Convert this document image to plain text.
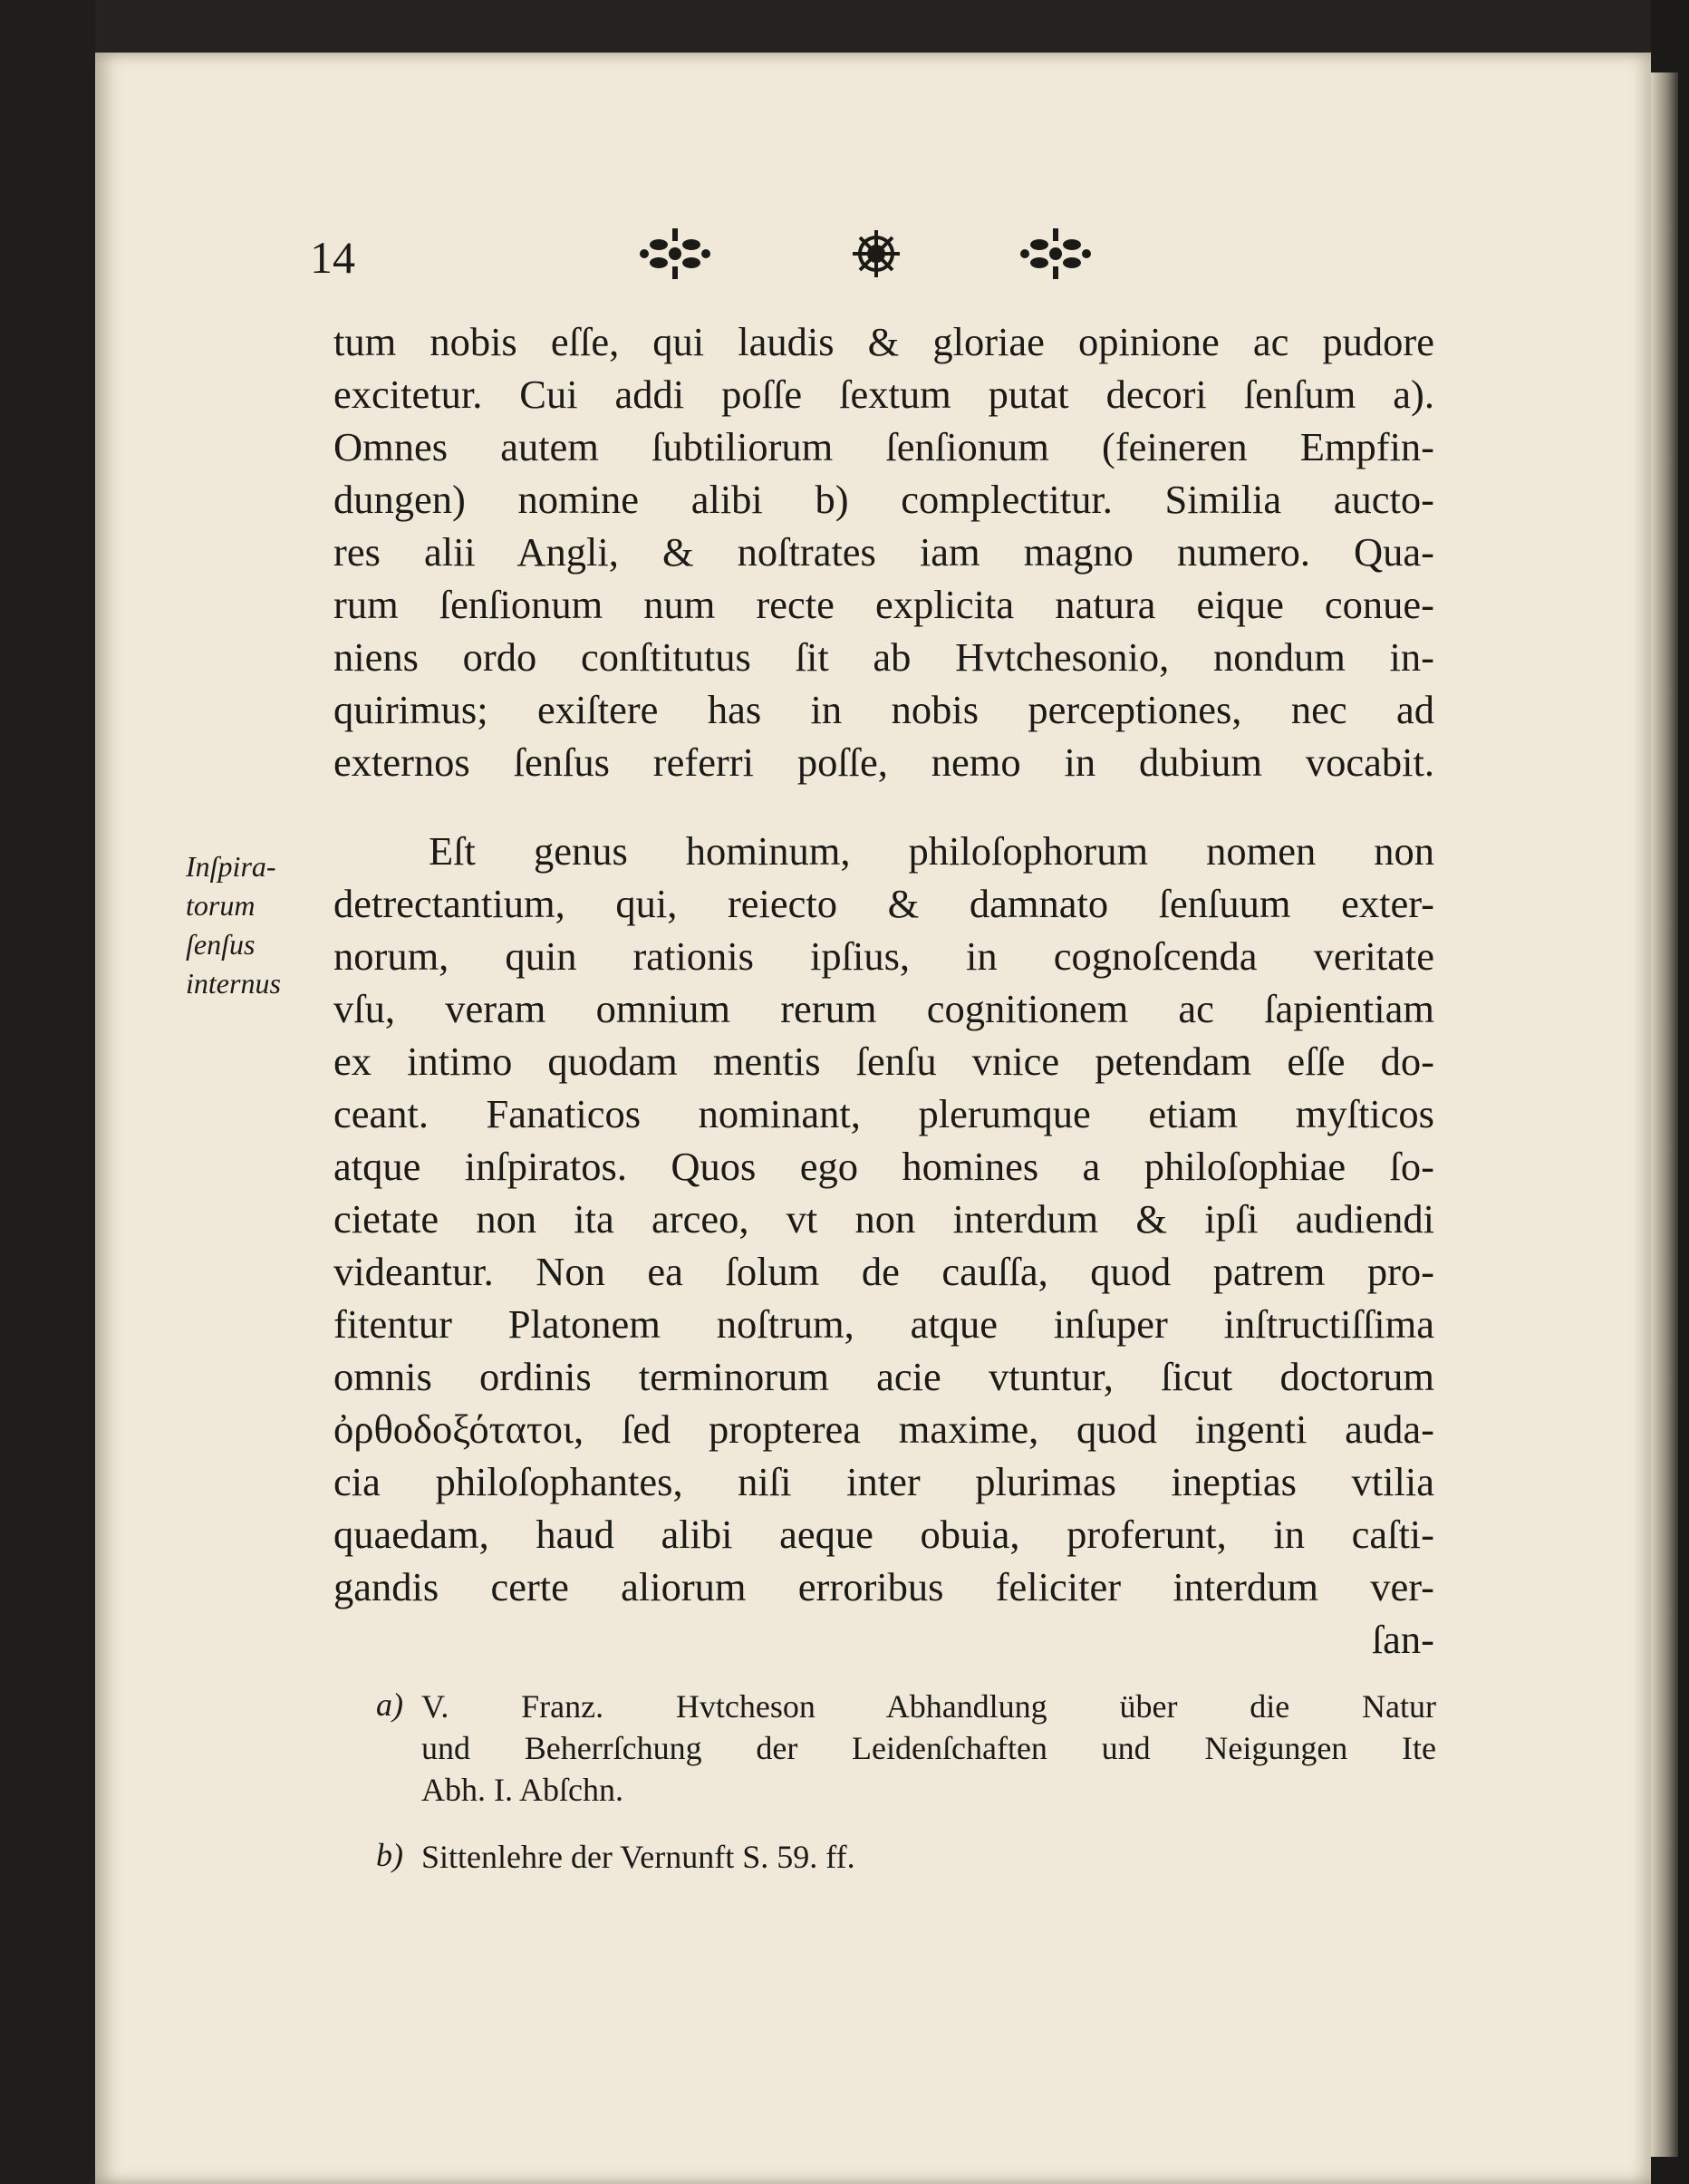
14
tum nobis eſſe, qui laudis & gloriae opinione ac pudore
excitetur. Cui addi poſſe ſextum putat decori ſenſum a).
Omnes autem ſubtiliorum ſenſionum (feineren Empfin-
dungen) nomine alibi b) complectitur. Similia aucto-
res alii Angli, & noſtrates iam magno numero. Qua-
rum ſenſionum num recte explicita natura eique conue-
niens ordo conſtitutus ſit ab Hvtchesonio, nondum in-
quirimus; exiſtere has in nobis perceptiones, nec ad
externos ſenſus referri poſſe, nemo in dubium vocabit.
Inſpira-
torum
ſenſus
internus
Eſt genus hominum, philoſophorum nomen non
detrectantium, qui, reiecto & damnato ſenſuum exter-
norum, quin rationis ipſius, in cognoſcenda veritate
vſu, veram omnium rerum cognitionem ac ſapientiam
ex intimo quodam mentis ſenſu vnice petendam eſſe do-
ceant. Fanaticos nominant, plerumque etiam myſticos
atque inſpiratos. Quos ego homines a philoſophiae ſo-
cietate non ita arceo, vt non interdum & ipſi audiendi
videantur. Non ea ſolum de cauſſa, quod patrem pro-
fitentur Platonem noſtrum, atque inſuper inſtructiſſima
omnis ordinis terminorum acie vtuntur, ſicut doctorum
ὀρθοδοξότατοι, ſed propterea maxime, quod ingenti auda-
cia philoſophantes, niſi inter plurimas ineptias vtilia
quaedam, haud alibi aeque obuia, proferunt, in caſti-
gandis certe aliorum erroribus feliciter interdum ver-
ſan-
a) V. Franz. Hvtcheson Abhandlung über die Natur
und Beherrſchung der Leidenſchaften und Neigungen Ite
Abh. I. Abſchn.
b) Sittenlehre der Vernunft S. 59. ff.
